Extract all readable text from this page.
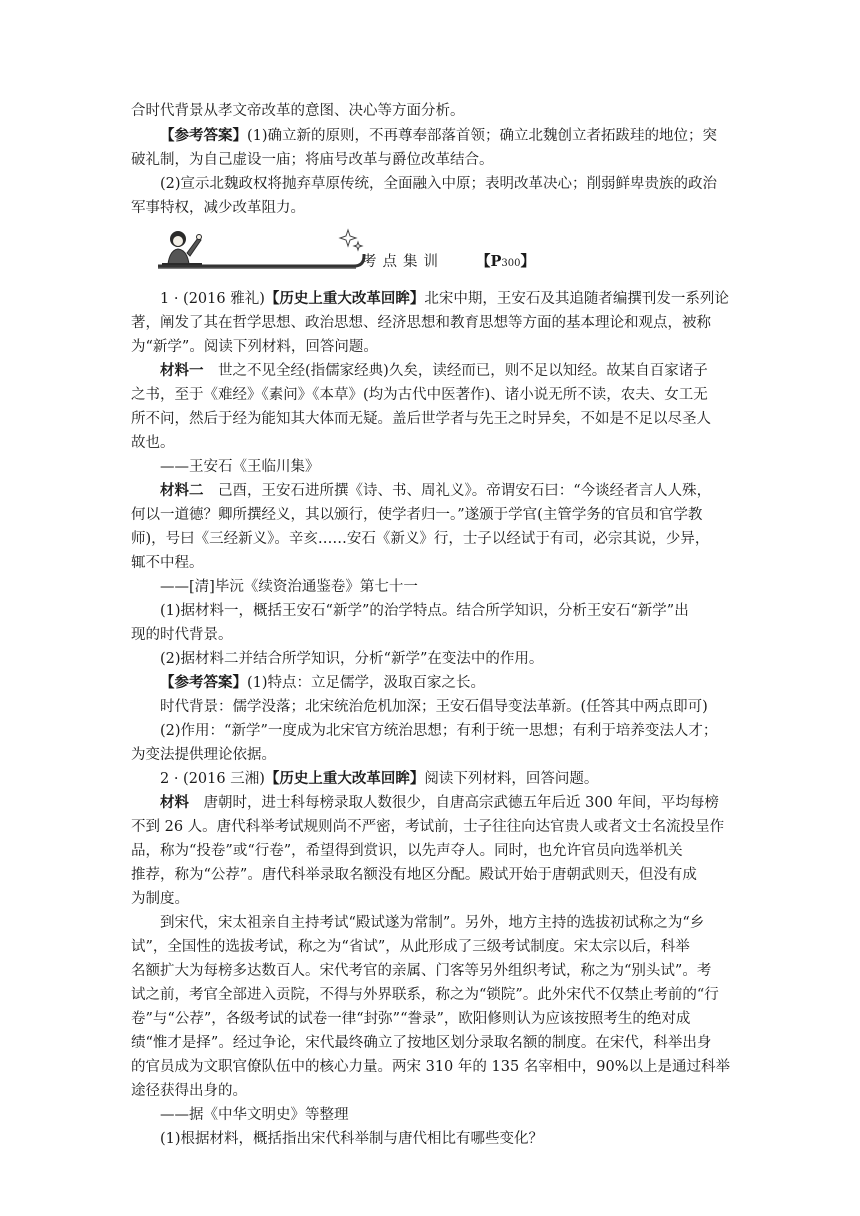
合时代背景从孝文帝改革的意图、决心等方面分析。
【参考答案】(1)确立新的原则，不再尊奉部落首领；确立北魏创立者拓跋珪的地位；突
破礼制，为自己虚设一庙；将庙号改革与爵位改革结合。
(2)宣示北魏政权将抛弃草原传统，全面融入中原；表明改革决心；削弱鲜卑贵族的政治
军事特权，减少改革阻力。
考点集训 【P300】
1 · (2016 雅礼)【历史上重大改革回眸】北宋中期，王安石及其追随者编撰刊发一系列论
著，阐发了其在哲学思想、政治思想、经济思想和教育思想等方面的基本理论和观点，被称
为“新学”。阅读下列材料，回答问题。
材料一　 世之不见全经(指儒家经典)久矣，读经而已，则不足以知经。故某自百家诸子
之书，至于《难经》《素问》《本草》(均为古代中医著作)、诸小说无所不读，农夫、女工无
所不问，然后于经为能知其大体而无疑。盖后世学者与先王之时异矣，不如是不足以尽圣人
故也。
——王安石《王临川集》
材料二　 己酉，王安石进所撰《诗、书、周礼义》。帝谓安石曰：“今谈经者言人人殊，
何以一道德？卿所撰经义，其以颁行，使学者归一。”遂颁于学官(主管学务的官员和官学教
师)，号曰《三经新义》。辛亥……安石《新义》行，士子以经试于有司，必宗其说，少异，
辄不中程。
——[清]毕沅《续资治通鉴卷》第七十一
(1)据材料一，概括王安石“新学”的治学特点。结合所学知识，分析王安石“新学”出
现的时代背景。
(2)据材料二并结合所学知识，分析“新学”在变法中的作用。
【参考答案】(1)特点：立足儒学，汲取百家之长。
时代背景：儒学没落；北宋统治危机加深；王安石倡导变法革新。(任答其中两点即可)
(2)作用：“新学”一度成为北宋官方统治思想；有利于统一思想；有利于培养变法人才；
为变法提供理论依据。
2 · (2016 三湘)【历史上重大改革回眸】阅读下列材料，回答问题。
材料　 唐朝时，进士科每榜录取人数很少，自唐高宗武德五年后近 300 年间，平均每榜
不到 26 人。唐代科举考试规则尚不严密，考试前，士子往往向达官贵人或者文士名流投呈作
品，称为“投卷”或“行卷”，希望得到赏识，以先声夺人。同时，也允许官员向选举机关
推荐，称为“公荐”。唐代科举录取名额没有地区分配。殿试开始于唐朝武则天，但没有成
为制度。
到宋代，宋太祖亲自主持考试“殿试遂为常制”。另外，地方主持的选拔初试称之为“乡
试”，全国性的选拔考试，称之为“省试”，从此形成了三级考试制度。宋太宗以后，科举
名额扩大为每榜多达数百人。宋代考官的亲属、门客等另外组织考试，称之为“别头试”。考
试之前，考官全部进入贡院，不得与外界联系，称之为“锁院”。此外宋代不仅禁止考前的“行
卷”与“公荐”，各级考试的试卷一律“封弥”“誊录”，欧阳修则认为应该按照考生的绝对成
绩“惟才是择”。经过争论，宋代最终确立了按地区划分录取名额的制度。在宋代，科举出身
的官员成为文职官僚队伍中的核心力量。两宋 310 年的 135 名宰相中，90%以上是通过科举
途径获得出身的。
——据《中华文明史》等整理
(1)根据材料，概括指出宋代科举制与唐代相比有哪些变化？
